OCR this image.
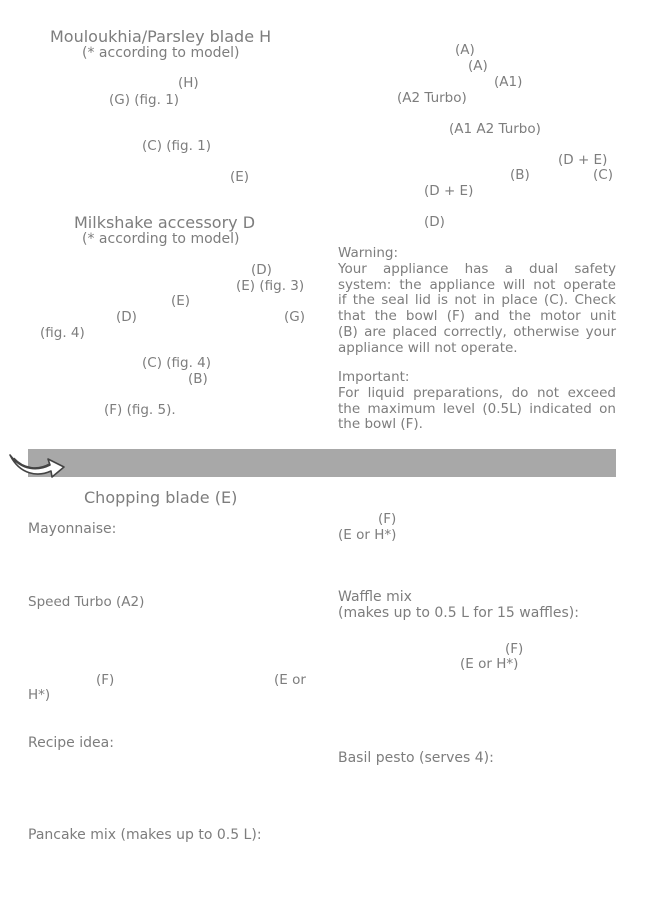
Mouloukhia/Parsley blade H
(* according to model)
(H)
(G) (fig. 1)
(C) (fig. 1)
(E)
Milkshake accessory D
(* according to model)
(D)
(E) (fig. 3)
(E)
(D)	(G)
(fig. 4)
(C) (fig. 4)
(B)
(F) (fig. 5).
(A)
(A)
(A1)
(A2 Turbo)
(A1 A2 Turbo)
(D + E)
(B)	(C)
(D + E)
(D)
Warning:
Your appliance has a dual safety
system: the appliance will not operate
if the seal lid is not in place (C). Check
that the bowl (F) and the motor unit
(B) are placed correctly, otherwise your
appliance will not operate.
Important:
For liquid preparations, do not exceed
the maximum level (0.5L) indicated on
the bowl (F).
Chopping blade (E)
Mayonnaise:
Speed Turbo (A2)
(F)	(E or
H*)
Recipe idea:
Pancake mix (makes up to 0.5 L):
(F)
(E or H*)
Waffle mix
(makes up to 0.5 L for 15 waffles):
(F)
(E or H*)
Basil pesto (serves 4):
